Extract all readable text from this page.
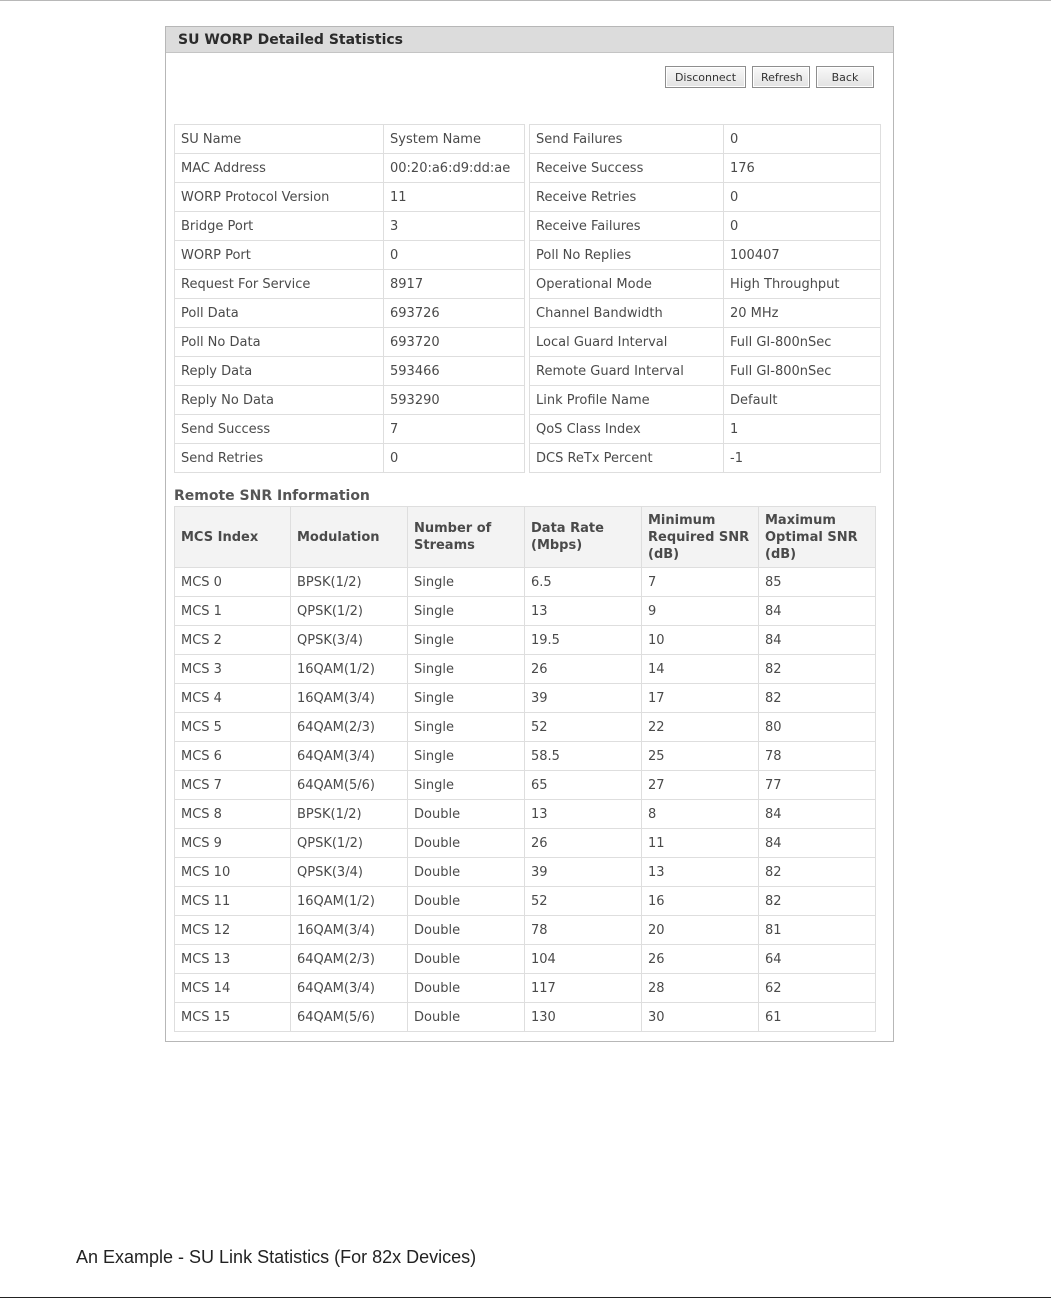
SU WORP Detailed Statistics
Disconnect	Refresh	Back
SU Name	System Name
MAC Address	00:20:a6:d9:dd:ae
WORP Protocol Version	11
Bridge Port	3
WORP Port	0
Request For Service	8917
Poll Data	693726
Poll No Data	693720
Reply Data	593466
Reply No Data	593290
Send Success	7
Send Retries	0
Send Failures	0
Receive Success	176
Receive Retries	0
Receive Failures	0
Poll No Replies	100407
Operational Mode	High Throughput
Channel Bandwidth	20 MHz
Local Guard Interval	Full GI-800nSec
Remote Guard Interval	Full GI-800nSec
Link Profile Name	Default
QoS Class Index	1
DCS ReTx Percent	-1
Remote SNR Information
MCS Index	Modulation	Number of Streams	Data Rate (Mbps)	Minimum Required SNR (dB)	Maximum Optimal SNR (dB)
MCS 0	BPSK(1/2)	Single	6.5	7	85
MCS 1	QPSK(1/2)	Single	13	9	84
MCS 2	QPSK(3/4)	Single	19.5	10	84
MCS 3	16QAM(1/2)	Single	26	14	82
MCS 4	16QAM(3/4)	Single	39	17	82
MCS 5	64QAM(2/3)	Single	52	22	80
MCS 6	64QAM(3/4)	Single	58.5	25	78
MCS 7	64QAM(5/6)	Single	65	27	77
MCS 8	BPSK(1/2)	Double	13	8	84
MCS 9	QPSK(1/2)	Double	26	11	84
MCS 10	QPSK(3/4)	Double	39	13	82
MCS 11	16QAM(1/2)	Double	52	16	82
MCS 12	16QAM(3/4)	Double	78	20	81
MCS 13	64QAM(2/3)	Double	104	26	64
MCS 14	64QAM(3/4)	Double	117	28	62
MCS 15	64QAM(5/6)	Double	130	30	61
An Example - SU Link Statistics (For 82x Devices)
